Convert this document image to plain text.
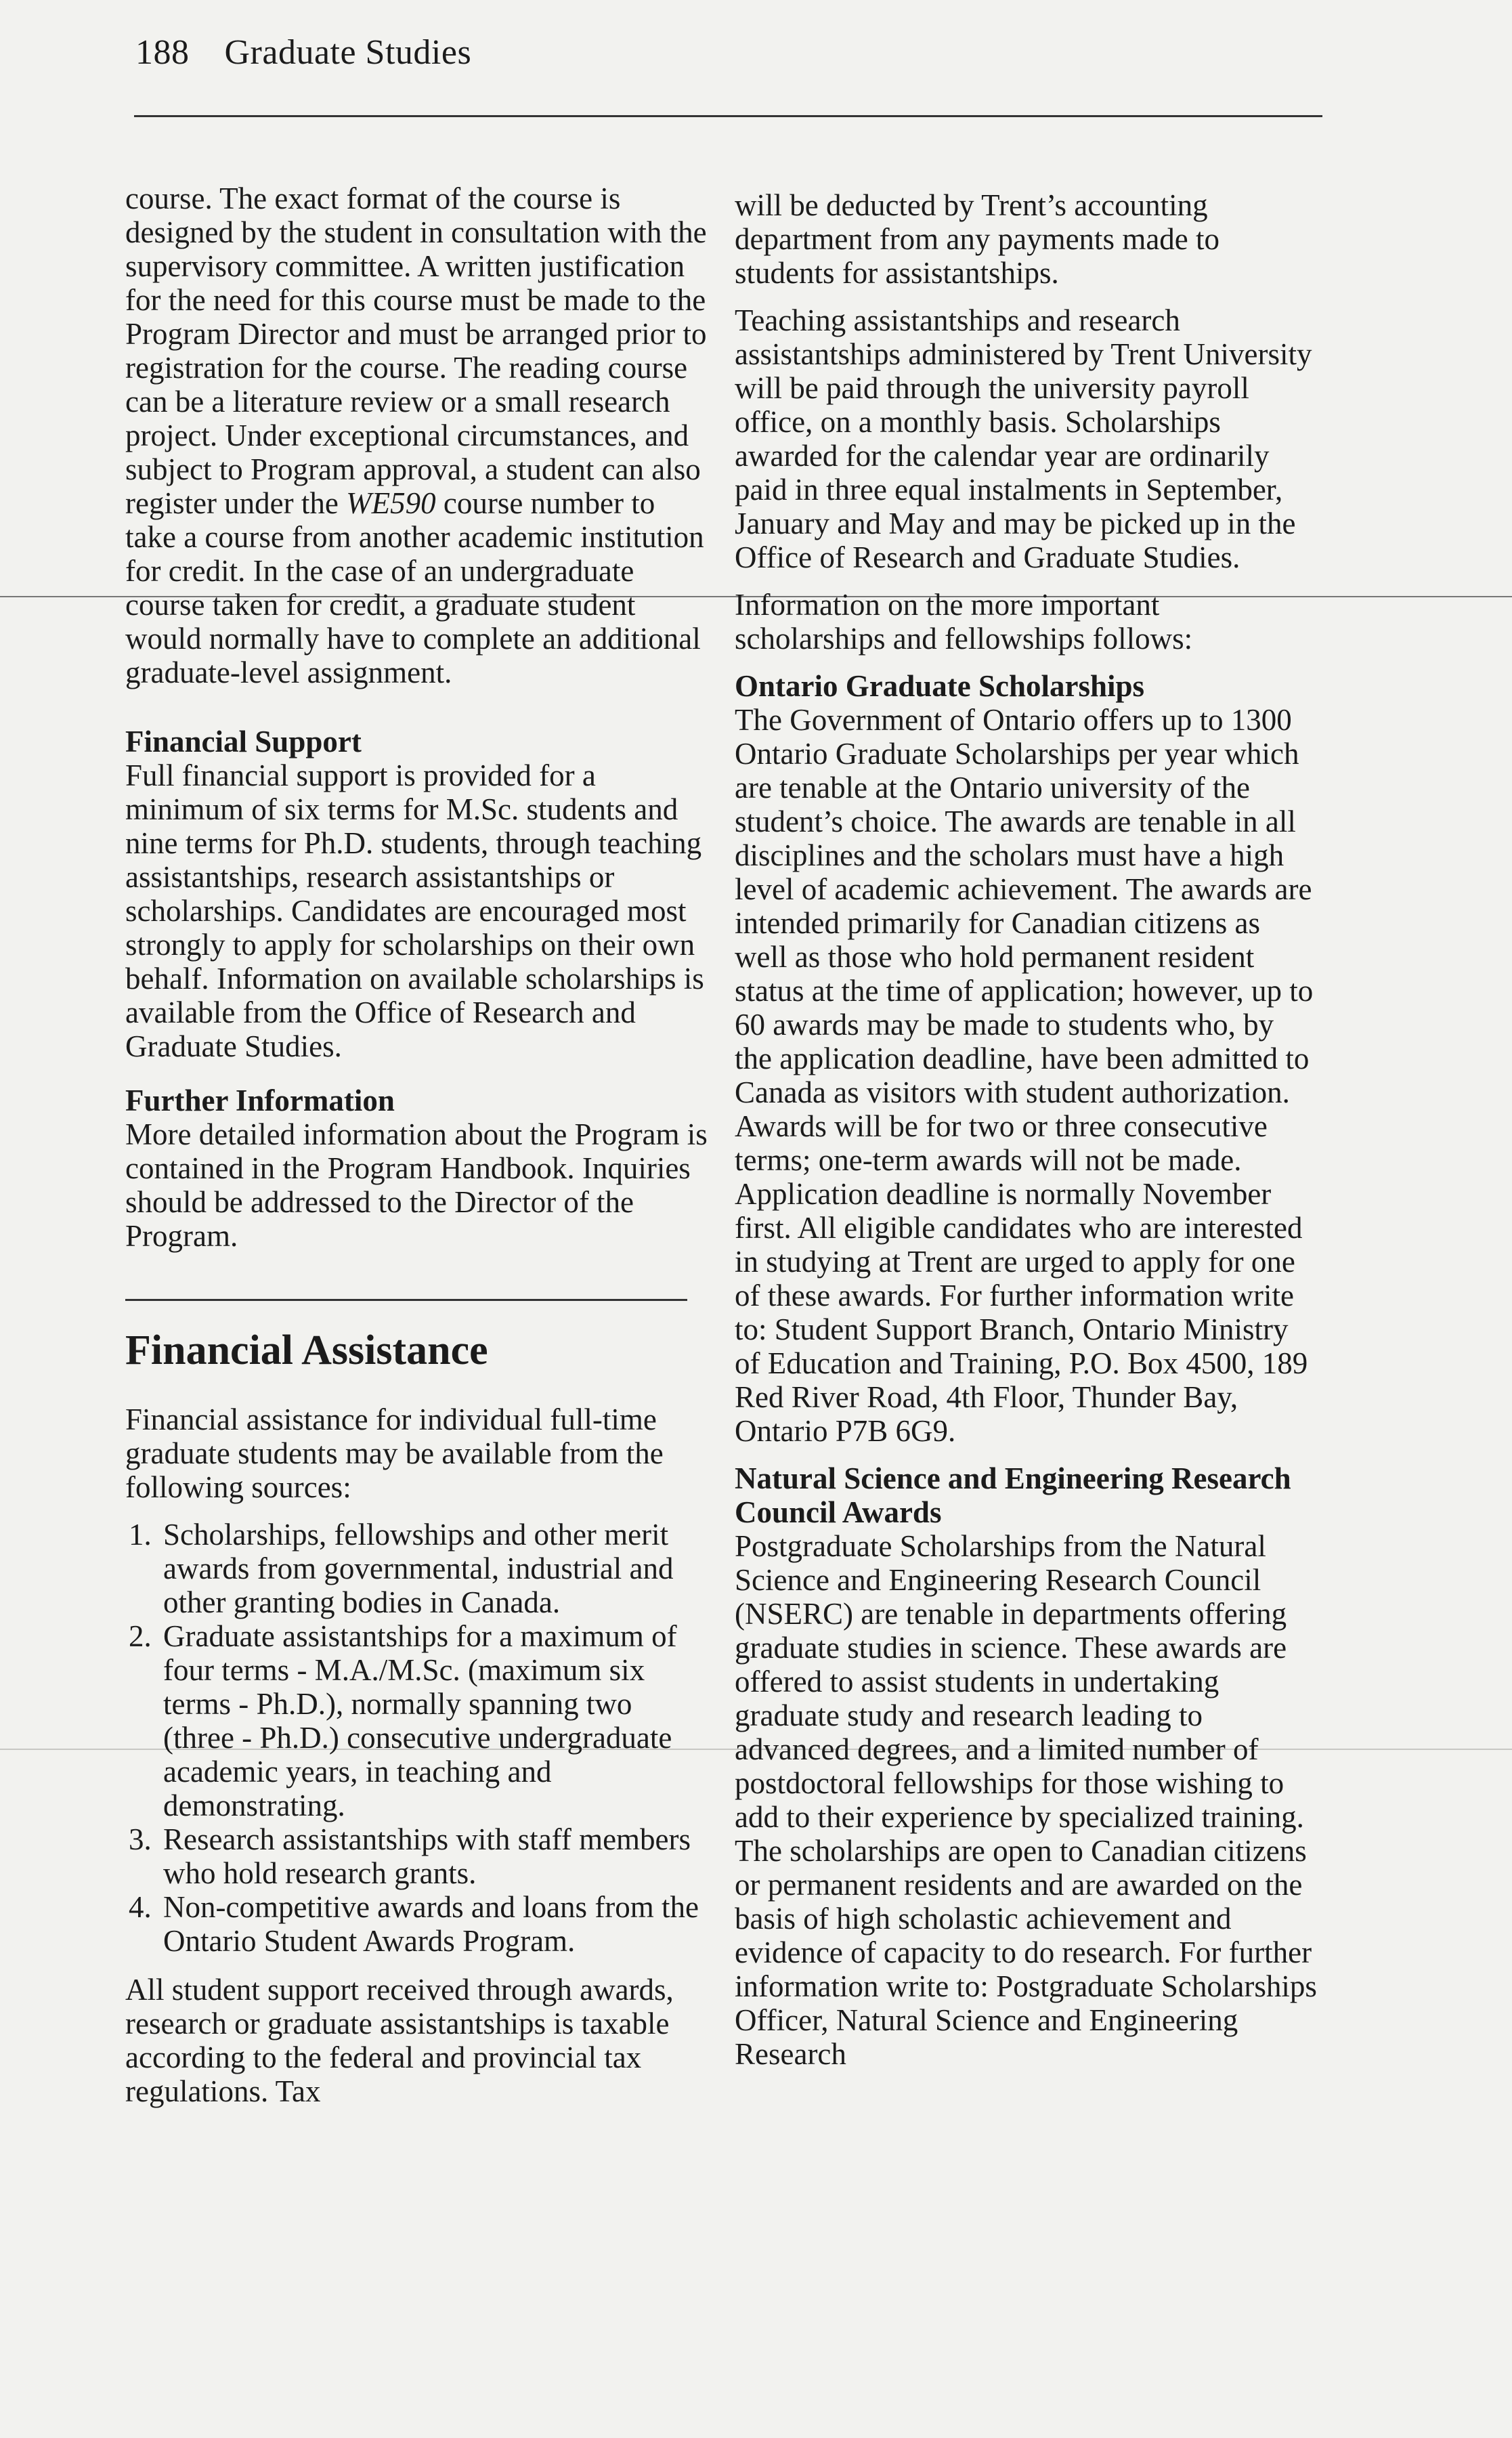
188 Graduate Studies

course. The exact format of the course is designed by the student in consultation with the supervisory committee. A written justification for the need for this course must be made to the Program Director and must be arranged prior to registration for the course. The reading course can be a literature review or a small research project. Under exceptional circumstances, and subject to Program approval, a student can also register under the WE590 course number to take a course from another academic institution for credit. In the case of an undergraduate course taken for credit, a graduate student would normally have to complete an additional graduate-level assignment.

Financial Support

Full financial support is provided for a minimum of six terms for M.Sc. students and nine terms for Ph.D. students, through teaching assistantships, research assistantships or scholarships. Candidates are encouraged most strongly to apply for scholarships on their own behalf. Information on available scholarships is available from the Office of Research and Graduate Studies.

Further Information

More detailed information about the Program is contained in the Program Handbook. Inquiries should be addressed to the Director of the Program.

Financial Assistance

Financial assistance for individual full-time graduate students may be available from the following sources:

1. Scholarships, fellowships and other merit awards from governmental, industrial and other granting bodies in Canada.
2. Graduate assistantships for a maximum of four terms - M.A./M.Sc. (maximum six terms - Ph.D.), normally spanning two (three - Ph.D.) consecutive undergraduate academic years, in teaching and demonstrating.
3. Research assistantships with staff members who hold research grants.
4. Non-competitive awards and loans from the Ontario Student Awards Program.

All student support received through awards, research or graduate assistantships is taxable according to the federal and provincial tax regulations. Tax

will be deducted by Trent’s accounting department from any payments made to students for assistantships.

Teaching assistantships and research assistantships administered by Trent University will be paid through the university payroll office, on a monthly basis. Scholarships awarded for the calendar year are ordinarily paid in three equal instalments in September, January and May and may be picked up in the Office of Research and Graduate Studies.

Information on the more important scholarships and fellowships follows:

Ontario Graduate Scholarships

The Government of Ontario offers up to 1300 Ontario Graduate Scholarships per year which are tenable at the Ontario university of the student’s choice. The awards are tenable in all disciplines and the scholars must have a high level of academic achievement. The awards are intended primarily for Canadian citizens as well as those who hold permanent resident status at the time of application; however, up to 60 awards may be made to students who, by the application deadline, have been admitted to Canada as visitors with student authorization. Awards will be for two or three consecutive terms; one-term awards will not be made. Application deadline is normally November first. All eligible candidates who are interested in studying at Trent are urged to apply for one of these awards. For further information write to: Student Support Branch, Ontario Ministry of Education and Training, P.O. Box 4500, 189 Red River Road, 4th Floor, Thunder Bay, Ontario P7B 6G9.

Natural Science and Engineering Research Council Awards

Postgraduate Scholarships from the Natural Science and Engineering Research Council (NSERC) are tenable in departments offering graduate studies in science. These awards are offered to assist students in undertaking graduate study and research leading to advanced degrees, and a limited number of postdoctoral fellowships for those wishing to add to their experience by specialized training. The scholarships are open to Canadian citizens or permanent residents and are awarded on the basis of high scholastic achievement and evidence of capacity to do research. For further information write to: Postgraduate Scholarships Officer, Natural Science and Engineering Research
